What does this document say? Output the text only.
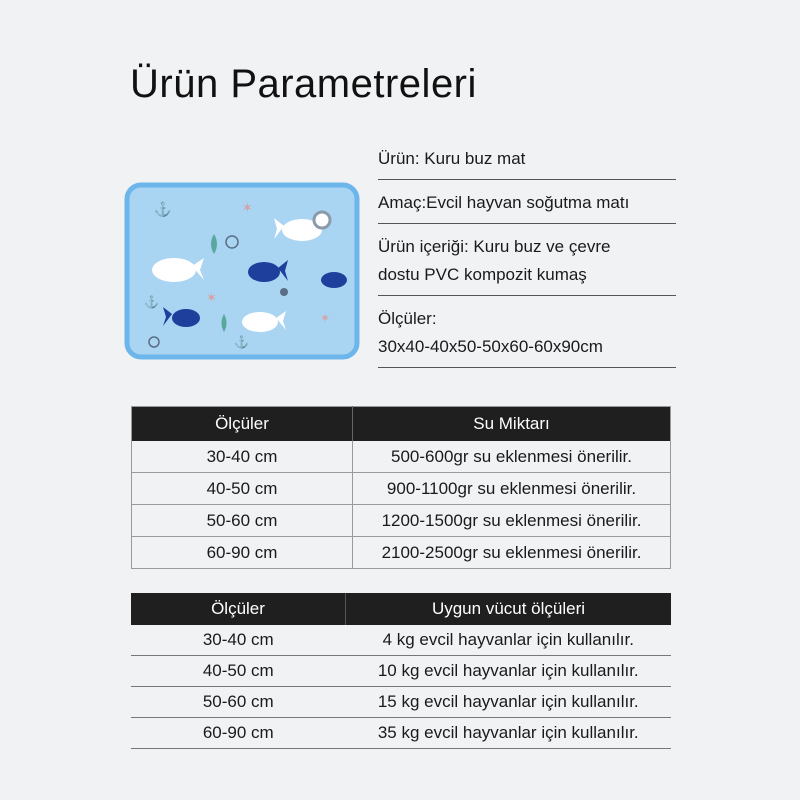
Ürün Parametreleri
⚓
⚓
⚓
✶
✶
✶
Ürün: Kuru buz mat
Amaç:Evcil hayvan soğutma matı
Ürün içeriği: Kuru buz ve çevre
dostu PVC kompozit kumaş
Ölçüler:
30x40-40x50-50x60-60x90cm
Ölçüler	Su Miktarı
30-40 cm	500-600gr su eklenmesi önerilir.
40-50 cm	900-1100gr su eklenmesi önerilir.
50-60 cm	1200-1500gr su eklenmesi önerilir.
60-90 cm	2100-2500gr su eklenmesi önerilir.
Ölçüler	Uygun vücut ölçüleri
30-40 cm	4 kg evcil hayvanlar için kullanılır.
40-50 cm	10 kg evcil hayvanlar için kullanılır.
50-60 cm	15 kg evcil hayvanlar için kullanılır.
60-90 cm	35 kg evcil hayvanlar için kullanılır.
